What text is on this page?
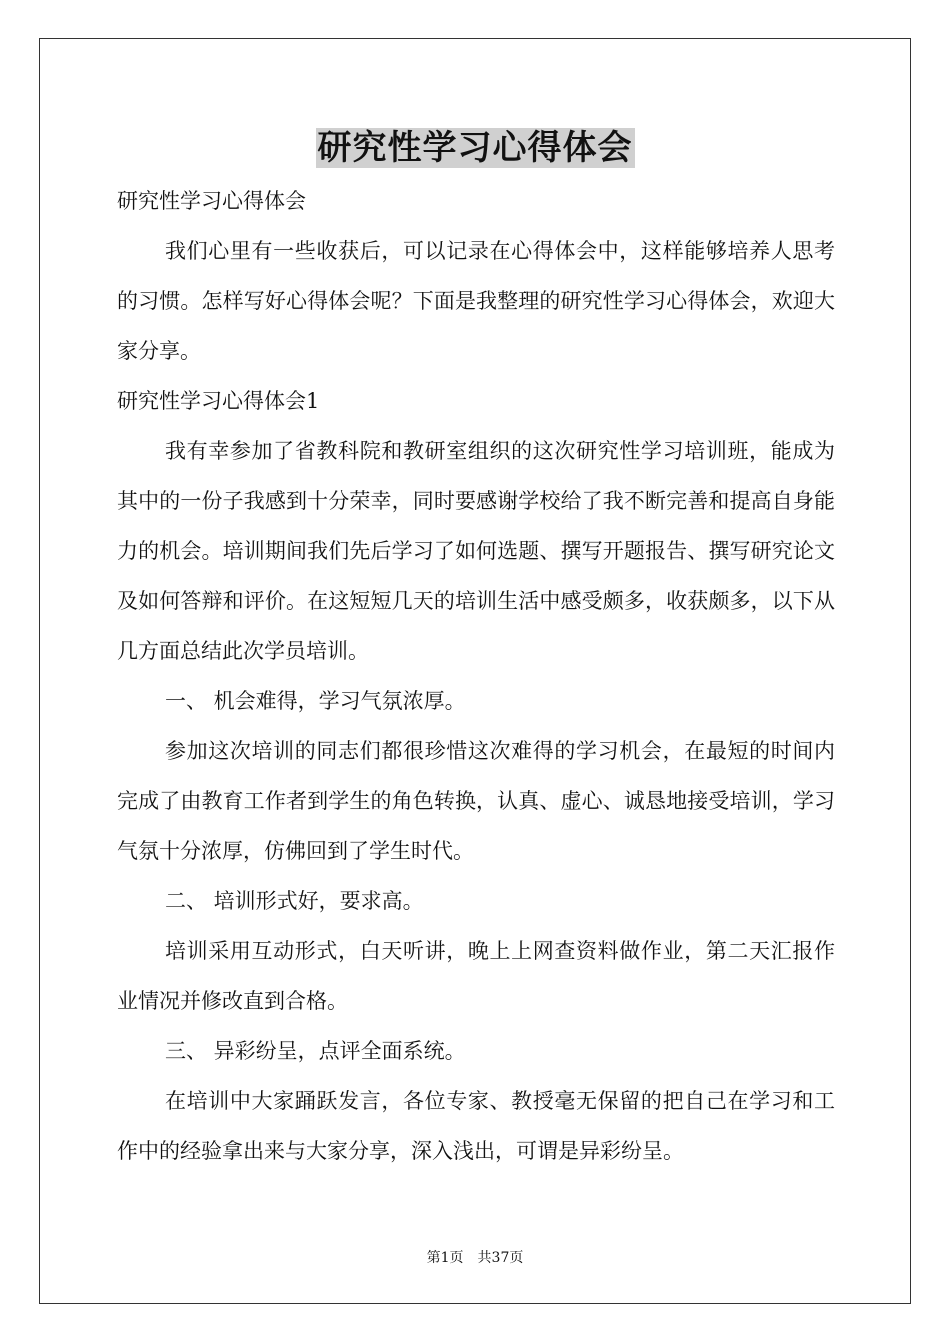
研究性学习心得体会

研究性学习心得体会

我们心里有一些收获后，可以记录在心得体会中，这样能够培养人思考的习惯。怎样写好心得体会呢？下面是我整理的研究性学习心得体会，欢迎大家分享。

研究性学习心得体会1

我有幸参加了省教科院和教研室组织的这次研究性学习培训班，能成为其中的一份子我感到十分荣幸，同时要感谢学校给了我不断完善和提高自身能力的机会。培训期间我们先后学习了如何选题、撰写开题报告、撰写研究论文及如何答辩和评价。在这短短几天的培训生活中感受颇多，收获颇多，以下从几方面总结此次学员培训。

一、 机会难得，学习气氛浓厚。

参加这次培训的同志们都很珍惜这次难得的学习机会，在最短的时间内完成了由教育工作者到学生的角色转换，认真、虚心、诚恳地接受培训，学习气氛十分浓厚，仿佛回到了学生时代。

二、 培训形式好，要求高。

培训采用互动形式，白天听讲，晚上上网查资料做作业，第二天汇报作业情况并修改直到合格。

三、 异彩纷呈，点评全面系统。

在培训中大家踊跃发言，各位专家、教授毫无保留的把自己在学习和工作中的经验拿出来与大家分享，深入浅出，可谓是异彩纷呈。

第1页 共37页
